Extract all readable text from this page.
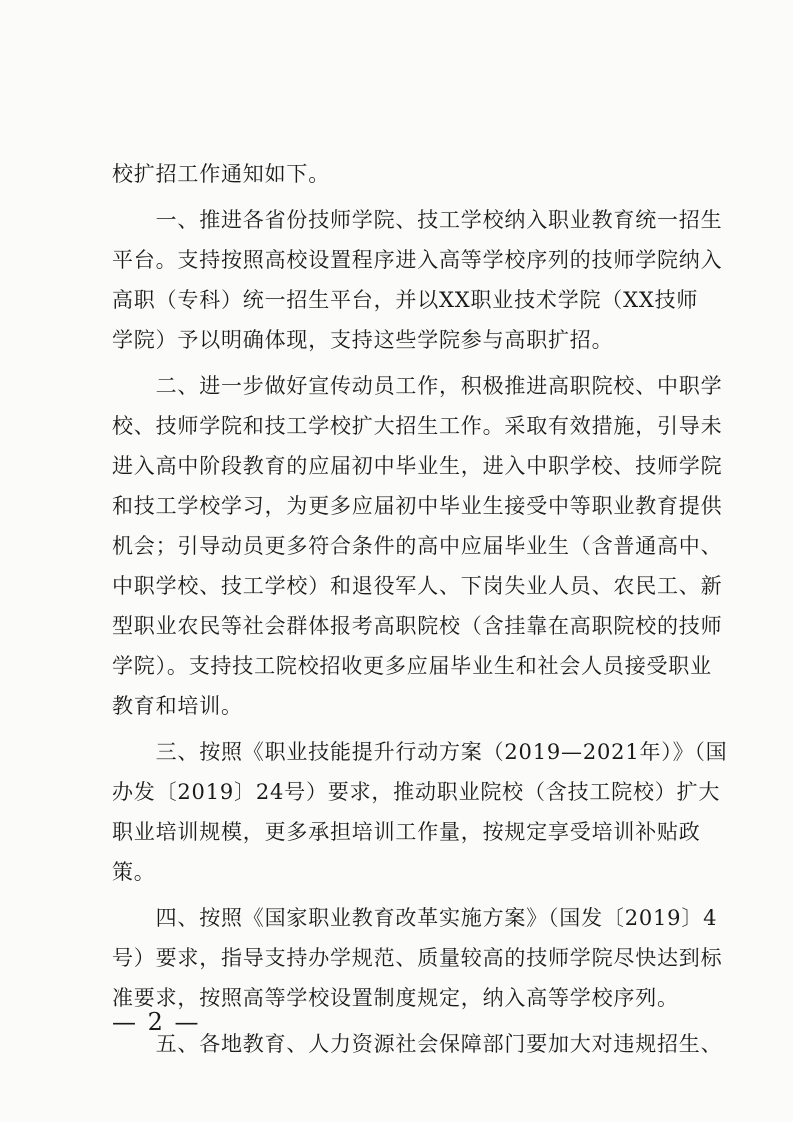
校扩招工作通知如下。
　　一、推进各省份技师学院、技工学校纳入职业教育统一招生
平台。支持按照高校设置程序进入高等学校序列的技师学院纳入
高职（专科）统一招生平台，并以XX职业技术学院（XX技师
学院）予以明确体现，支持这些学院参与高职扩招。
　　二、进一步做好宣传动员工作，积极推进高职院校、中职学
校、技师学院和技工学校扩大招生工作。采取有效措施，引导未
进入高中阶段教育的应届初中毕业生，进入中职学校、技师学院
和技工学校学习，为更多应届初中毕业生接受中等职业教育提供
机会；引导动员更多符合条件的高中应届毕业生（含普通高中、
中职学校、技工学校）和退役军人、下岗失业人员、农民工、新
型职业农民等社会群体报考高职院校（含挂靠在高职院校的技师
学院）。支持技工院校招收更多应届毕业生和社会人员接受职业
教育和培训。
　　三、按照《职业技能提升行动方案（2019—2021年）》（国
办发〔2019〕24号）要求，推动职业院校（含技工院校）扩大
职业培训规模，更多承担培训工作量，按规定享受培训补贴政
策。
　　四、按照《国家职业教育改革实施方案》（国发〔2019〕4
号）要求，指导支持办学规范、质量较高的技师学院尽快达到标
准要求，按照高等学校设置制度规定，纳入高等学校序列。
　　五、各地教育、人力资源社会保障部门要加大对违规招生、
— 2 —
